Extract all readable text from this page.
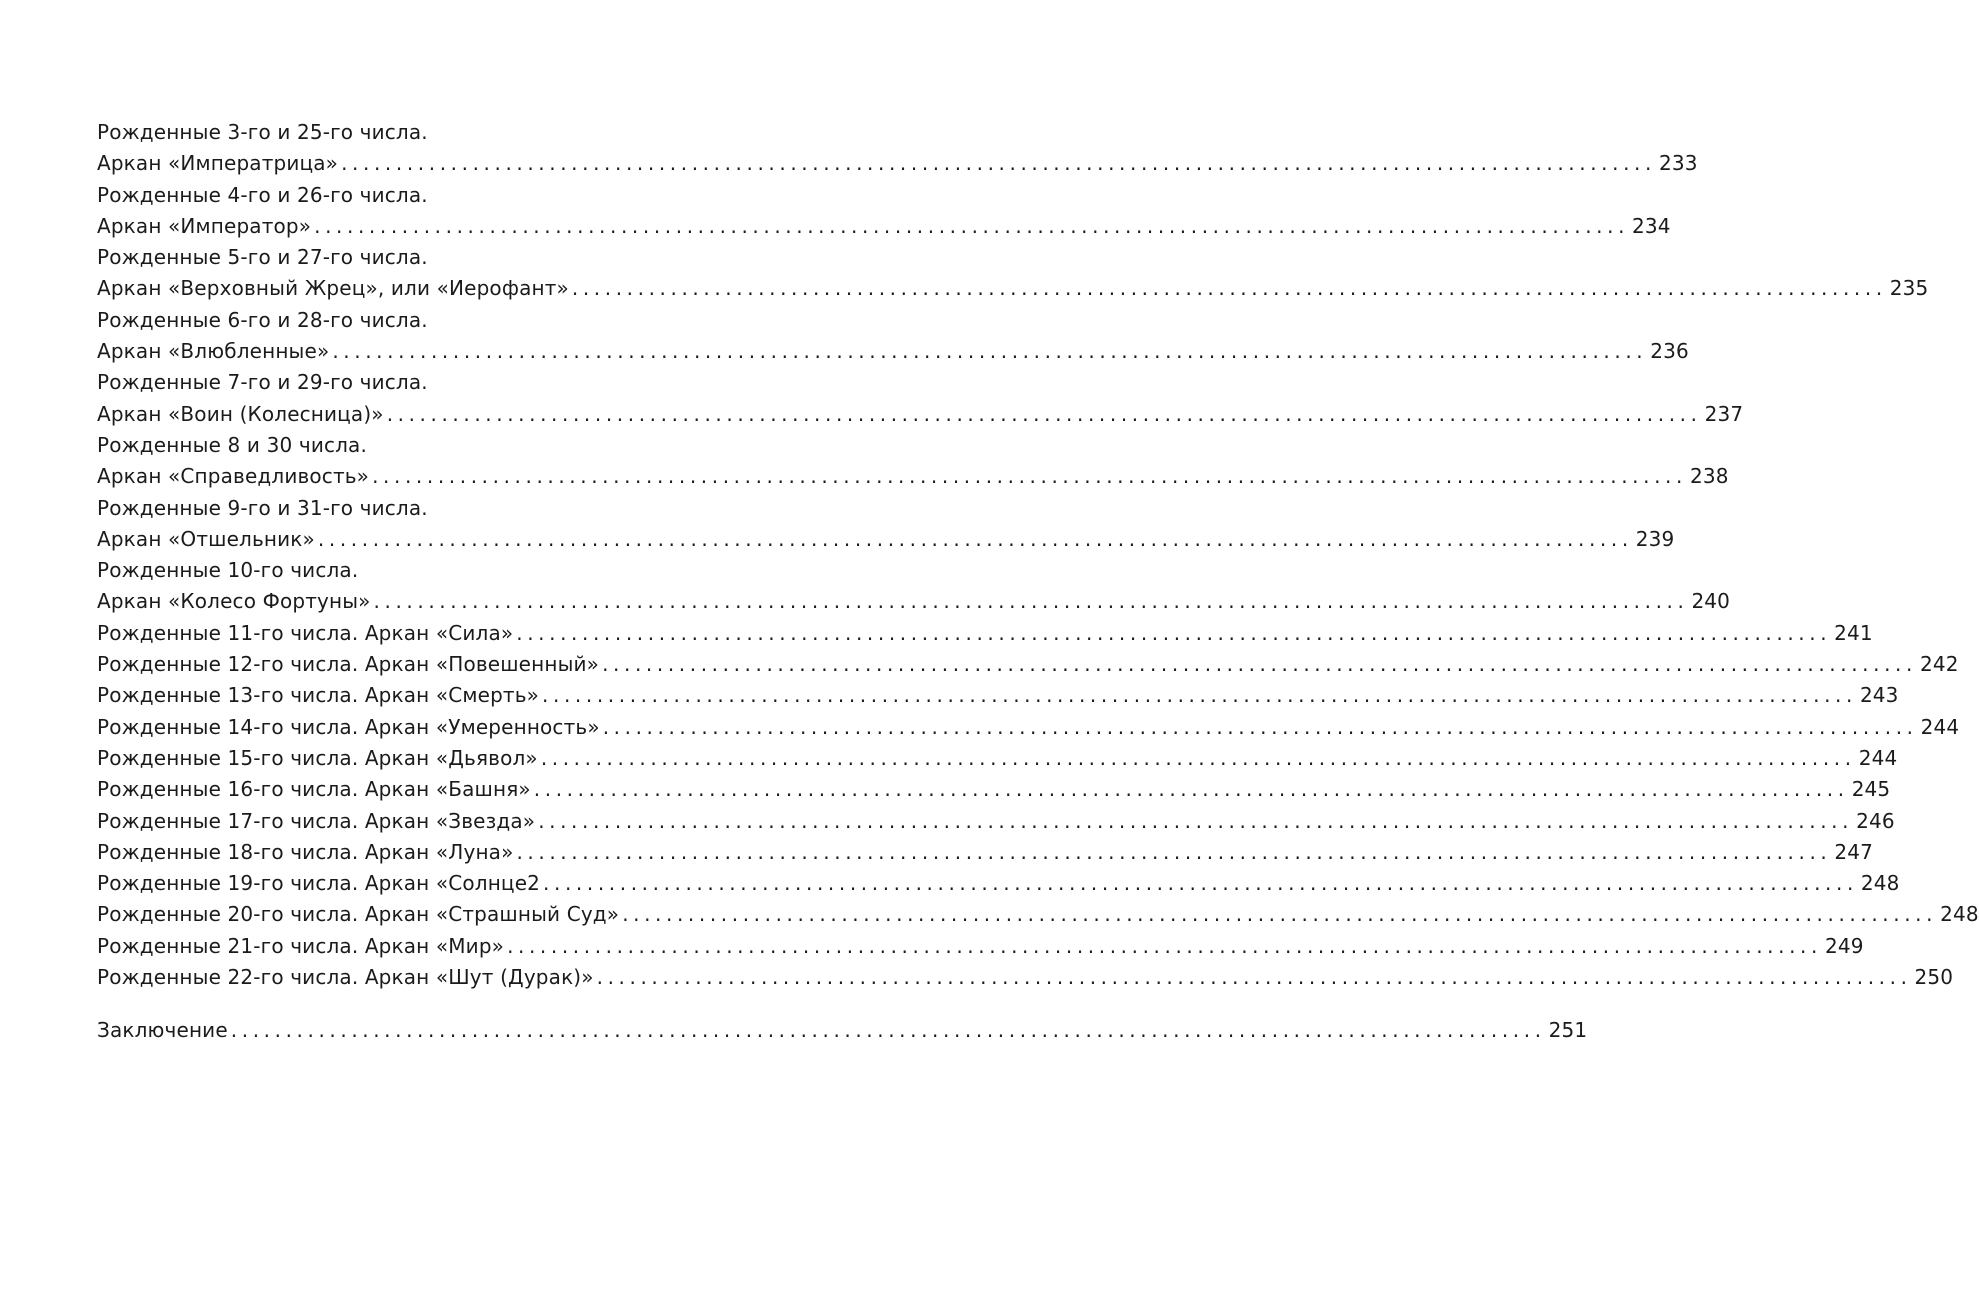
Рожденные 3-го и 25-го числа.
Аркан «Императрица» ........................................................................................................................ 233
Рожденные 4-го и 26-го числа.
Аркан «Император» ........................................................................................................................ 234
Рожденные 5-го и 27-го числа.
Аркан «Верховный Жрец», или «Иерофант» ........................................................................................................................ 235
Рожденные 6-го и 28-го числа.
Аркан «Влюбленные» ........................................................................................................................ 236
Рожденные 7-го и 29-го числа.
Аркан «Воин (Колесница)» ........................................................................................................................ 237
Рожденные 8 и 30 числа.
Аркан «Справедливость» ........................................................................................................................ 238
Рожденные 9-го и 31-го числа.
Аркан «Отшельник» ........................................................................................................................ 239
Рожденные 10-го числа.
Аркан «Колесо Фортуны» ........................................................................................................................ 240
Рожденные 11-го числа. Аркан «Сила» ........................................................................................................................ 241
Рожденные 12-го числа. Аркан «Повешенный» ........................................................................................................................ 242
Рожденные 13-го числа. Аркан «Смерть» ........................................................................................................................ 243
Рожденные 14-го числа. Аркан «Умеренность» ........................................................................................................................ 244
Рожденные 15-го числа. Аркан «Дьявол» ........................................................................................................................ 244
Рожденные 16-го числа. Аркан «Башня» ........................................................................................................................ 245
Рожденные 17-го числа. Аркан «Звезда» ........................................................................................................................ 246
Рожденные 18-го числа. Аркан «Луна» ........................................................................................................................ 247
Рожденные 19-го числа. Аркан «Солнце2 ........................................................................................................................ 248
Рожденные 20-го числа. Аркан «Страшный Суд» ........................................................................................................................ 248
Рожденные 21-го числа. Аркан «Мир» ........................................................................................................................ 249
Рожденные 22-го числа. Аркан «Шут (Дурак)» ........................................................................................................................ 250
Заключение ........................................................................................................................ 251
